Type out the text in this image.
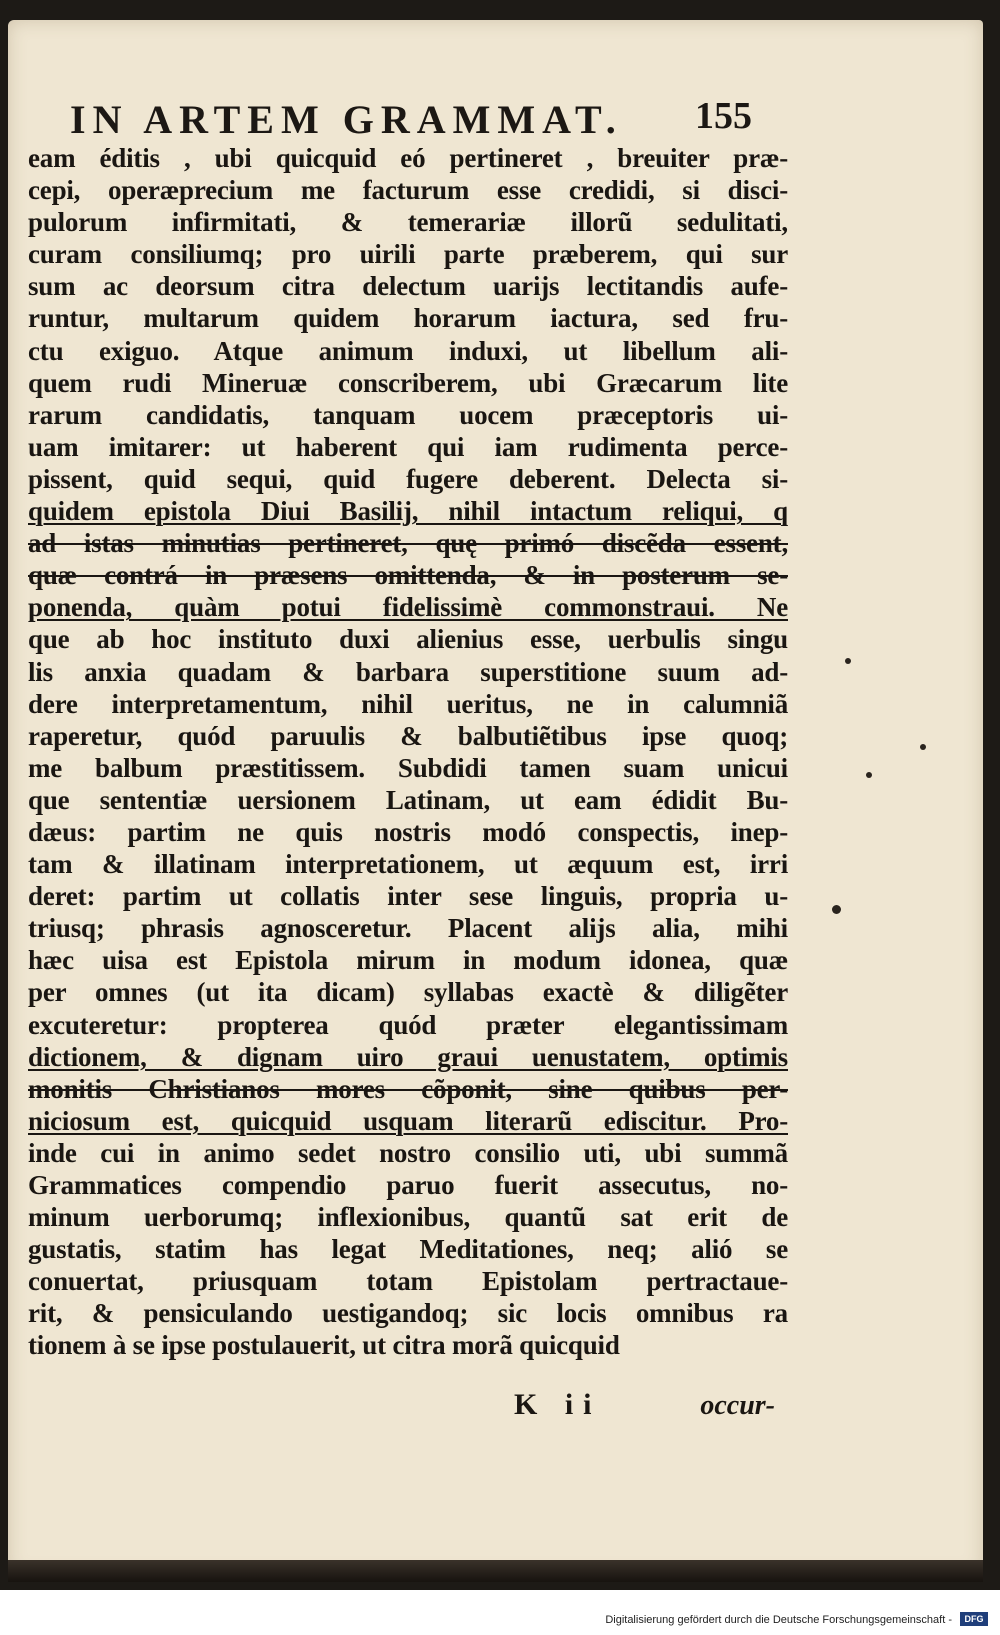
IN ARTEM GRAMMAT. 155
eam éditis , ubi quicquid eó pertineret , breuiter præ-
cepi, operæprecium me facturum esse credidi, si disci-
pulorum infirmitati, & temerariæ illorũ sedulitati,
curam consiliumq; pro uirili parte præberem, qui sur
sum ac deorsum citra delectum uarijs lectitandis aufe-
runtur, multarum quidem horarum iactura, sed fru-
ctu exiguo. Atque animum induxi, ut libellum ali-
quem rudi Mineruæ conscriberem, ubi Græcarum lite
rarum candidatis, tanquam uocem præceptoris ui-
uam imitarer: ut haberent qui iam rudimenta perce-
pissent, quid sequi, quid fugere deberent. Delecta si-
quidem epistola Diui Basilij, nihil intactum reliqui, q
ad istas minutias pertineret, quę primó discẽda essent,
quæ contrá in præsens omittenda, & in posterum se-
ponenda, quàm potui fidelissimè commonstraui. Ne
que ab hoc instituto duxi alienius esse, uerbulis singu
lis anxia quadam & barbara superstitione suum ad-
dere interpretamentum, nihil ueritus, ne in calumniã
raperetur, quód paruulis & balbutiẽtibus ipse quoq;
me balbum præstitissem. Subdidi tamen suam unicui
que sententiæ uersionem Latinam, ut eam édidit Bu-
dæus: partim ne quis nostris modó conspectis, inep-
tam & illatinam interpretationem, ut æquum est, irri
deret: partim ut collatis inter sese linguis, propria u-
triusq; phrasis agnosceretur. Placent alijs alia, mihi
hæc uisa est Epistola mirum in modum idonea, quæ
per omnes (ut ita dicam) syllabas exactè & diligẽter
excuteretur: propterea quód præter elegantissimam
dictionem, & dignam uiro graui uenustatem, optimis
monitis Christianos mores cõponit, sine quibus per-
niciosum est, quicquid usquam literarũ ediscitur. Pro-
inde cui in animo sedet nostro consilio uti, ubi summã
Grammatices compendio paruo fuerit assecutus, no-
minum uerborumq; inflexionibus, quantũ sat erit de
gustatis, statim has legat Meditationes, neq; alió se
conuertat, priusquam totam Epistolam pertractaue-
rit, & pensiculando uestigandoq; sic locis omnibus ra
tionem à se ipse postulauerit, ut citra morã quicquid
K ii	occur-
Digitalisierung gefördert durch die Deutsche Forschungsgemeinschaft -	DFG
